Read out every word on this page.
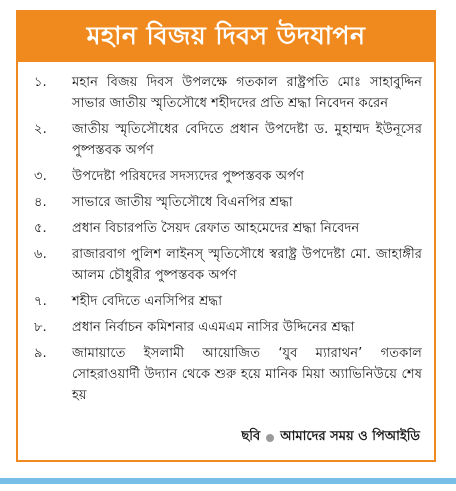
মহান বিজয় দিবস উদযাপন
১.	মহান বিজয় দিবস উপলক্ষে গতকাল রাষ্ট্রপতি মোঃ সাহাবুদ্দিন সাভার জাতীয় স্মৃতিসৌধে শহীদদের প্রতি শ্রদ্ধা নিবেদন করেন
২.	জাতীয় স্মৃতিসৌধের বেদিতে প্রধান উপদেষ্টা ড. মুহাম্মদ ইউনূসের পুষ্পস্তবক অর্পণ
৩.	উপদেষ্টা পরিষদের সদস্যদের পুষ্পস্তবক অর্পণ
৪.	সাভারে জাতীয় স্মৃতিসৌধে বিএনপির শ্রদ্ধা
৫.	প্রধান বিচারপতি সৈয়দ রেফাত আহমেদের শ্রদ্ধা নিবেদন
৬.	রাজারবাগ পুলিশ লাইনস্ স্মৃতিসৌধে স্বরাষ্ট্র উপদেষ্টা মো. জাহাঙ্গীর আলম চৌধুরীর পুষ্পস্তবক অর্পণ
৭.	শহীদ বেদিতে এনসিপির শ্রদ্ধা
৮.	প্রধান নির্বাচন কমিশনার এএমএম নাসির উদ্দিনের শ্রদ্ধা
৯.	জামায়াতে ইসলামী আয়োজিত ‘যুব ম্যারাথন’ গতকাল সোহরাওয়ার্দী উদ্যান থেকে শুরু হয়ে মানিক মিয়া অ্যাভিনিউয়ে শেষ হয়
ছবি আমাদের সময় ও পিআইডি
